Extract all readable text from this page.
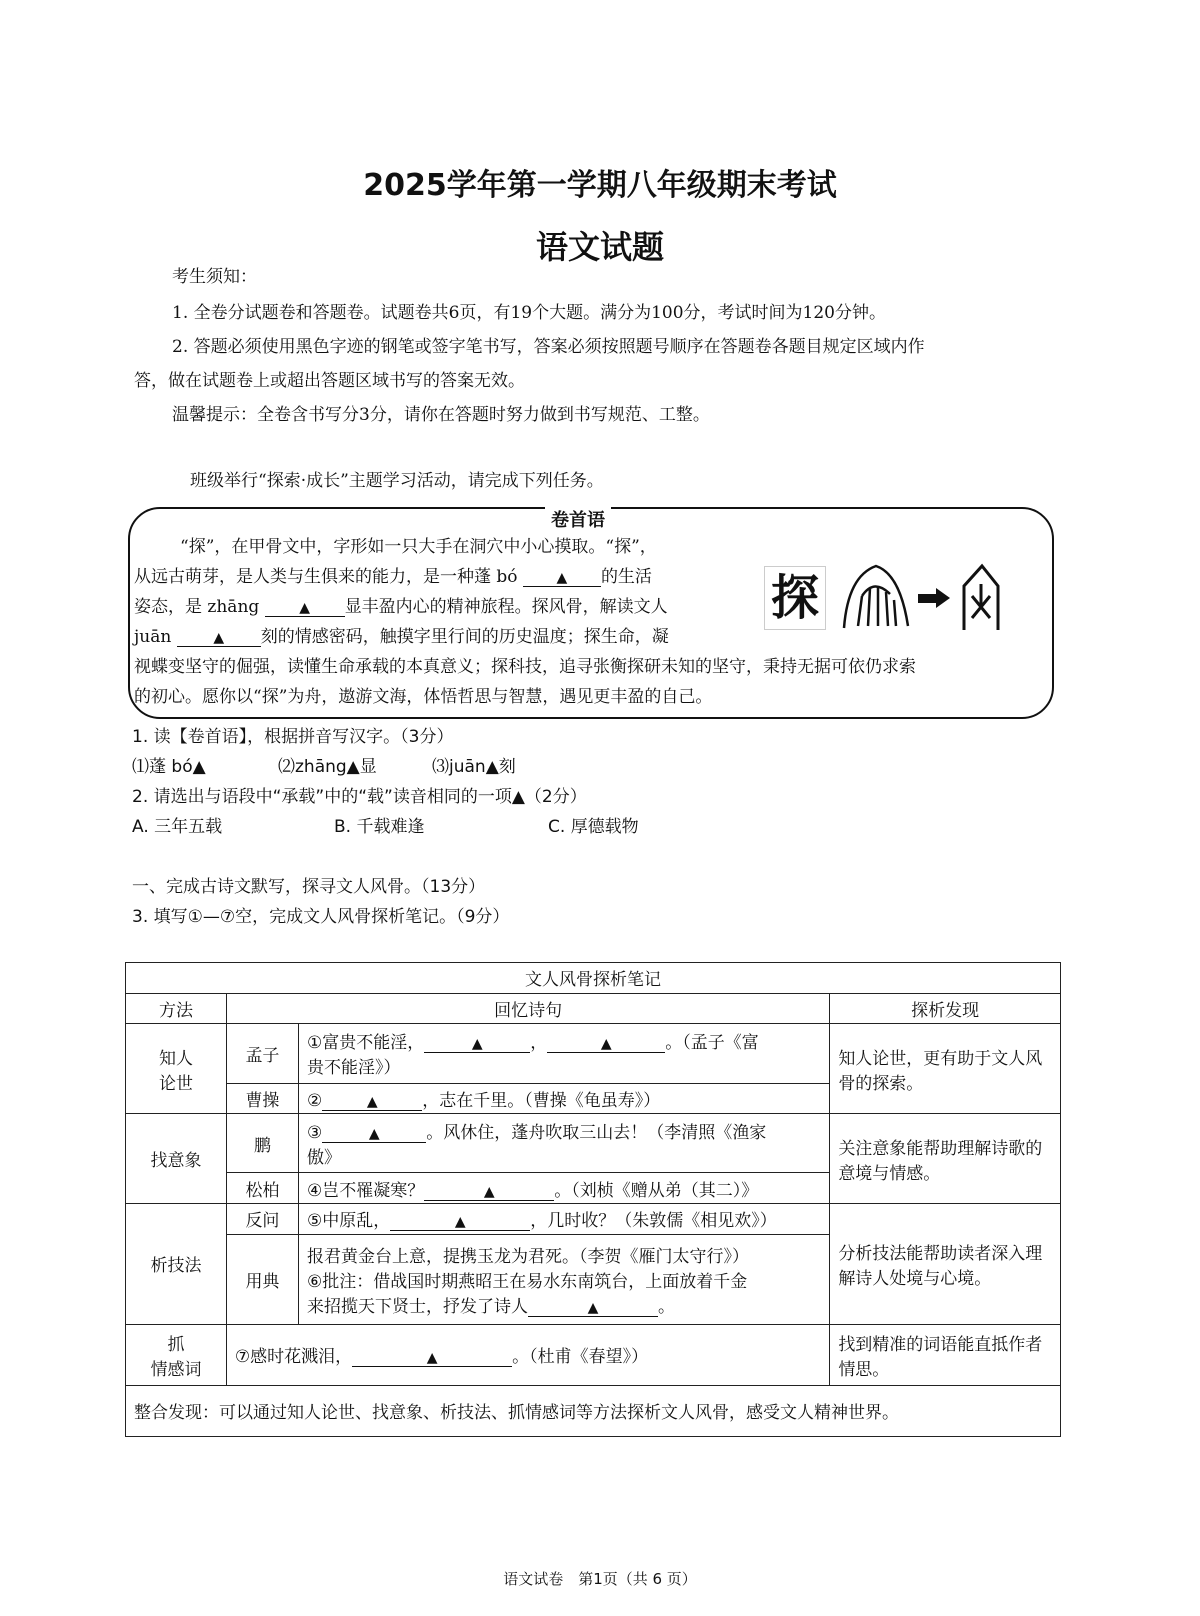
2025学年第一学期八年级期末考试
语文试题
考生须知：
1. 全卷分试题卷和答题卷。试题卷共6页，有19个大题。满分为100分，考试时间为120分钟。
2. 答题必须使用黑色字迹的钢笔或签字笔书写，答案必须按照题号顺序在答题卷各题目规定区域内作
答，做在试题卷上或超出答题区域书写的答案无效。
温馨提示：全卷含书写分3分，请你在答题时努力做到书写规范、工整。
班级举行“探索·成长”主题学习活动，请完成下列任务。
卷首语
“探”，在甲骨文中，字形如一只大手在洞穴中小心摸取。“探”，
从远古萌芽，是人类与生俱来的能力，是一种蓬 bó	▲ 的生活
姿态，是 zhāng	▲ 显丰盈内心的精神旅程。探风骨，解读文人
juān	▲ 刻的情感密码，触摸字里行间的历史温度；探生命，凝
视蝶变坚守的倔强，读懂生命承载的本真意义；探科技，追寻张衡探研未知的坚守，秉持无据可依仍求索
的初心。愿你以“探”为舟，遨游文海，体悟哲思与智慧，遇见更丰盈的自己。
探
1. 读【卷首语】，根据拼音写汉字。（3分）
⑴蓬 bó▲	⑵zhāng▲显	⑶juān▲刻
2. 请选出与语段中“承载”中的“载”读音相同的一项▲（2分）
A. 三年五载	B. 千载难逢	C. 厚德载物
一、完成古诗文默写，探寻文人风骨。（13分）
3. 填写①—⑦空，完成文人风骨探析笔记。（9分）
文人风骨探析笔记			
方法	回忆诗句		探析发现
知人
论世	孟子	①富贵不能淫， ▲ ， ▲ 。（孟子《富
贵不能淫》）	知人论世，更有助于文人风骨的探索。
	曹操	② ▲ ，志在千里。（曹操《龟虽寿》）	
找意象	鹏	③ ▲ 。风休住，蓬舟吹取三山去！（李清照《渔家
傲》	关注意象能帮助理解诗歌的意境与情感。
	松柏	④岂不罹凝寒？ ▲ 。（刘桢《赠从弟（其二）》	
析技法	反问	⑤中原乱， ▲ ，几时收？（朱敦儒《相见欢》）	分析技法能帮助读者深入理解诗人处境与心境。
	用典	报君黄金台上意，提携玉龙为君死。（李贺《雁门太守行》）
⑥批注：借战国时期燕昭王在易水东南筑台，上面放着千金
来招揽天下贤士，抒发了诗人 ▲ 。	
抓
情感词	⑦感时花溅泪， ▲ 。（杜甫《春望》）		找到精准的词语能直抵作者情思。
整合发现：可以通过知人论世、找意象、析技法、抓情感词等方法探析文人风骨，感受文人精神世界。			
语文试卷　第1页（共 6 页）
